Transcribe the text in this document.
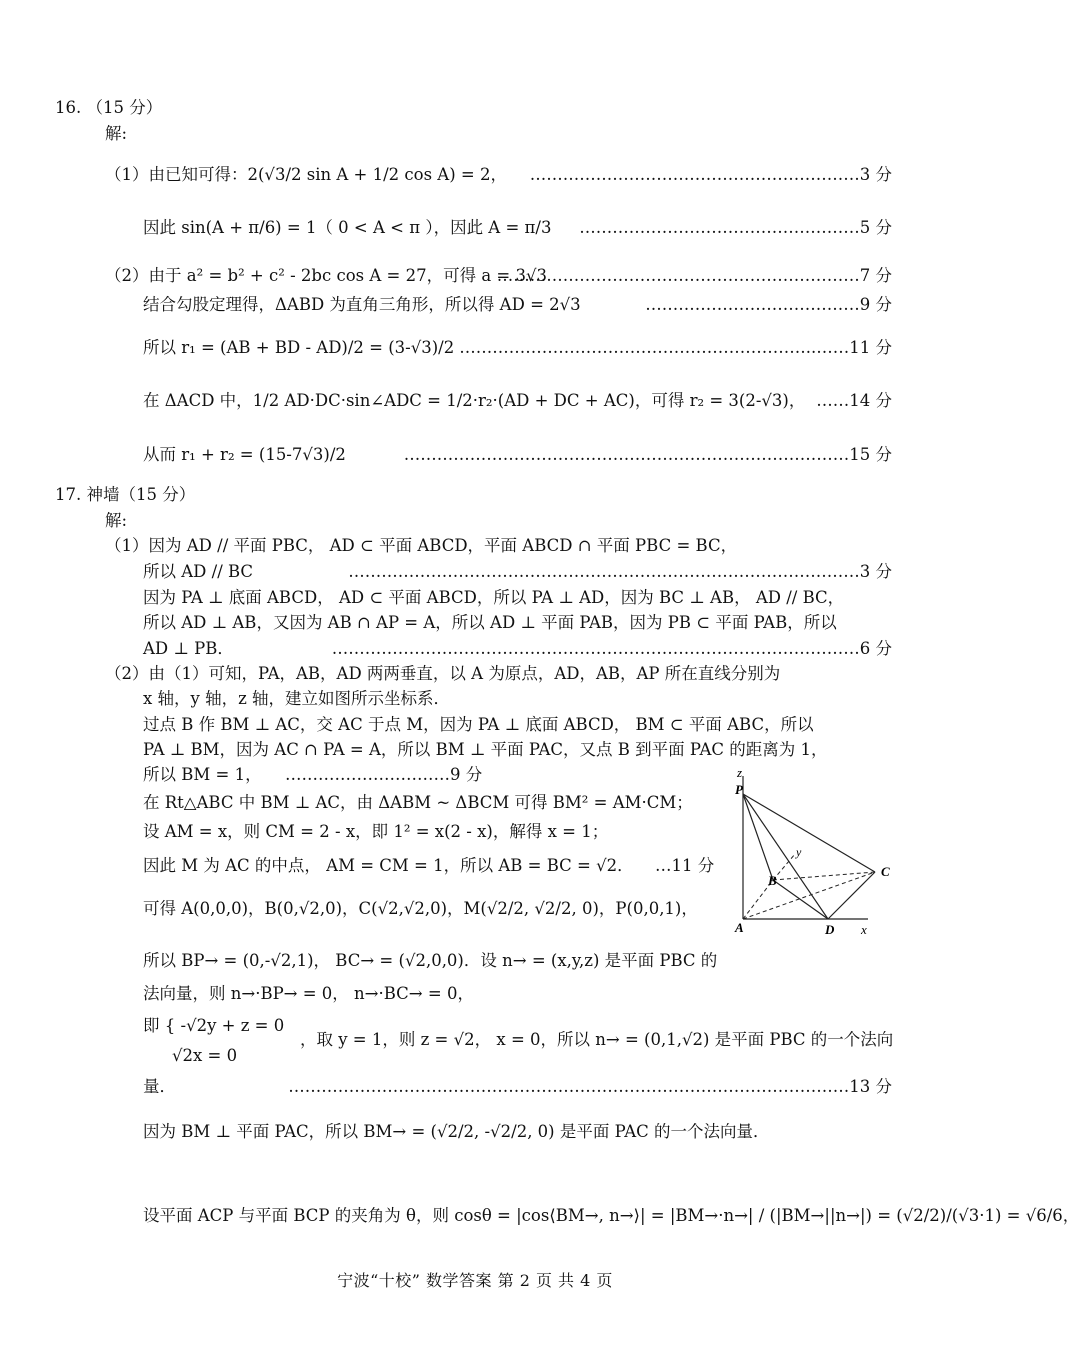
16. （15 分）
解:
（1）由已知可得：2(√3/2 sin A + 1/2 cos A) = 2， ……………………………………………………3 分
因此 sin(A + π/6) = 1（ 0 < A < π ），因此 A = π/3 ……………………………………………5 分
（2）由于 a² = b² + c² - 2bc cos A = 27，可得 a = 3√3
…………………………………………………………7 分
结合勾股定理得，ΔABD 为直角三角形，所以得 AD = 2√3	…………………………………9 分
所以 r₁ = (AB + BD - AD)/2 = (3-√3)/2 ………………………………………………………..……11 分
在 ΔACD 中，1/2 AD·DC·sin∠ADC = 1/2·r₂·(AD + DC + AC)，可得 r₂ = 3(2-√3)， ……14 分
从而 r₁ + r₂ = (15-7√3)/2	………………………………………………………………………15 分
17. 神墙（15 分）
解:
（1）因为 AD // 平面 PBC， AD ⊂ 平面 ABCD，平面 ABCD ∩ 平面 PBC = BC，
所以 AD // BC	…………………………………………………………………………………3 分
因为 PA ⊥ 底面 ABCD， AD ⊂ 平面 ABCD，所以 PA ⊥ AD，因为 BC ⊥ AB， AD // BC，
所以 AD ⊥ AB，又因为 AB ∩ AP = A，所以 AD ⊥ 平面 PAB，因为 PB ⊂ 平面 PAB，所以
AD ⊥ PB．	……………………………………………………………………………………6 分
（2）由（1）可知，PA，AB，AD 两两垂直，以 A 为原点，AD，AB，AP 所在直线分别为
x 轴，y 轴，z 轴，建立如图所示坐标系．
过点 B 作 BM ⊥ AC，交 AC 于点 M，因为 PA ⊥ 底面 ABCD， BM ⊂ 平面 ABC，所以
PA ⊥ BM，因为 AC ∩ PA = A，所以 BM ⊥ 平面 PAC，又点 B 到平面 PAC 的距离为 1，
所以 BM = 1， …………………………9 分
在 Rt△ABC 中 BM ⊥ AC，由 ΔABM ~ ΔBCM 可得 BM² = AM·CM；
设 AM = x，则 CM = 2 - x，即 1² = x(2 - x)，解得 x = 1；
因此 M 为 AC 的中点， AM = CM = 1，所以 AB = BC = √2． …11 分
可得 A(0,0,0)，B(0,√2,0)，C(√2,√2,0)，M(√2/2, √2/2, 0)，P(0,0,1)，
所以 BP→ = (0,-√2,1)， BC→ = (√2,0,0)．设 n→ = (x,y,z) 是平面 PBC 的
法向量，则 n→·BP→ = 0， n→·BC→ = 0，
即 { -√2y + z = 0
√2x = 0
，取 y = 1，则 z = √2， x = 0，所以 n→ = (0,1,√2) 是平面 PBC 的一个法向
量．	…………………………………………………………………………………………13 分
因为 BM ⊥ 平面 PAC，所以 BM→ = (√2/2, -√2/2, 0) 是平面 PAC 的一个法向量．
设平面 ACP 与平面 BCP 的夹角为 θ，则 cosθ = |cos⟨BM→, n→⟩| = |BM→·n→| / (|BM→||n→|) = (√2/2)/(√3·1) = √6/6，
z
P
y
B
C
A	D x
宁波“十校” 数学答案 第 2 页 共 4 页
